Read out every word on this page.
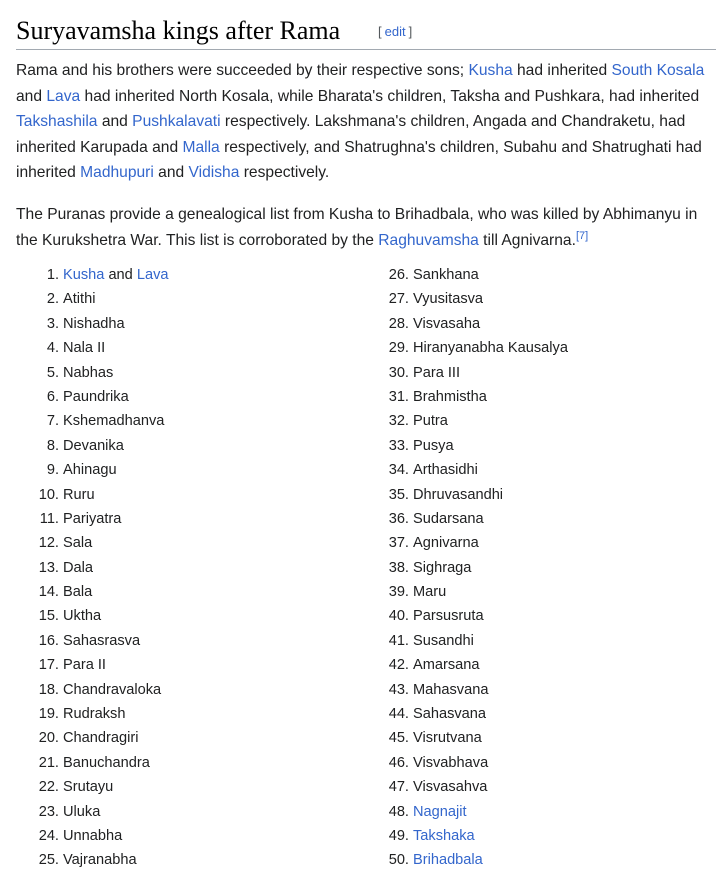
Suryavamsha kings after Rama	[ edit ]

Rama and his brothers were succeeded by their respective sons; Kusha had inherited South Kosala and Lava had inherited North Kosala, while Bharata's children, Taksha and Pushkara, had inherited Takshashila and Pushkalavati respectively. Lakshmana's children, Angada and Chandraketu, had inherited Karupada and Malla respectively, and Shatrughna's children, Subahu and Shatrughati had inherited Madhupuri and Vidisha respectively.

The Puranas provide a genealogical list from Kusha to Brihadbala, who was killed by Abhimanyu in the Kurukshetra War. This list is corroborated by the Raghuvamsha till Agnivarna.[7]

1. Kusha and Lava
2. Atithi
3. Nishadha
4. Nala II
5. Nabhas
6. Paundrika
7. Kshemadhanva
8. Devanika
9. Ahinagu
10. Ruru
11. Pariyatra
12. Sala
13. Dala
14. Bala
15. Uktha
16. Sahasrasva
17. Para II
18. Chandravaloka
19. Rudraksh
20. Chandragiri
21. Banuchandra
22. Srutayu
23. Uluka
24. Unnabha
25. Vajranabha
26. Sankhana
27. Vyusitasva
28. Visvasaha
29. Hiranyanabha Kausalya
30. Para III
31. Brahmistha
32. Putra
33. Pusya
34. Arthasidhi
35. Dhruvasandhi
36. Sudarsana
37. Agnivarna
38. Sighraga
39. Maru
40. Parsusruta
41. Susandhi
42. Amarsana
43. Mahasvana
44. Sahasvana
45. Visrutvana
46. Visvabhava
47. Visvasahva
48. Nagnajit
49. Takshaka
50. Brihadbala
